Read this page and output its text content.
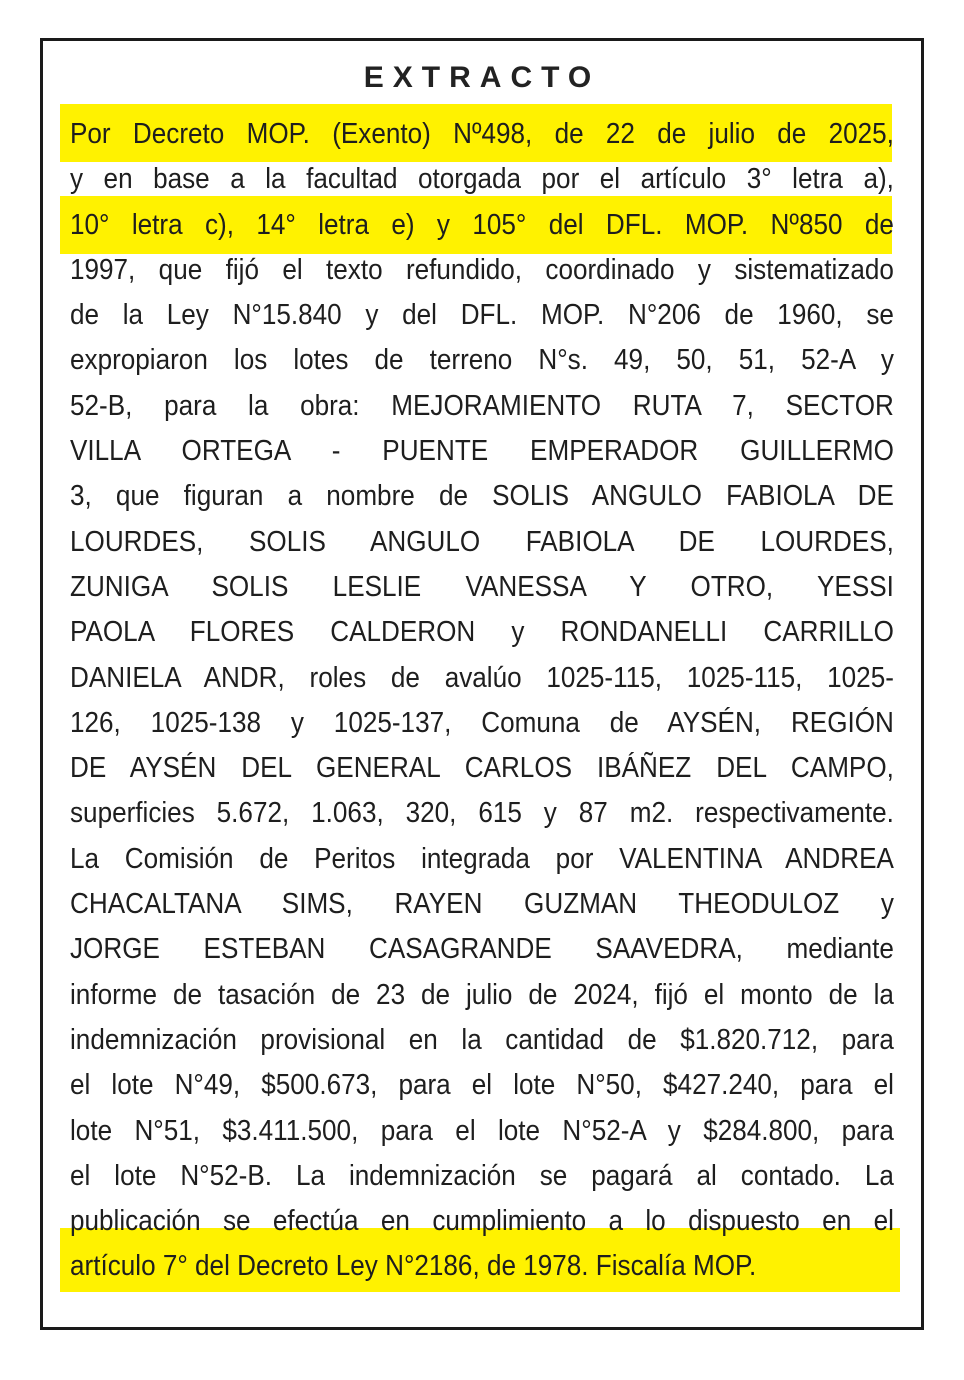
EXTRACTO
Por Decreto MOP. (Exento) Nº498, de 22 de julio de 2025,
y en base a la facultad otorgada por el artículo 3° letra a),
10° letra c), 14° letra e) y 105° del DFL. MOP. Nº850 de
1997, que fijó el texto refundido, coordinado y sistematizado
de la Ley N°15.840 y del DFL. MOP. N°206 de 1960, se
expropiaron los lotes de terreno N°s. 49, 50, 51, 52-A y
52-B, para la obra: MEJORAMIENTO RUTA 7, SECTOR
VILLA ORTEGA - PUENTE EMPERADOR GUILLERMO
3, que figuran a nombre de SOLIS ANGULO FABIOLA DE
LOURDES, SOLIS ANGULO FABIOLA DE LOURDES,
ZUNIGA SOLIS LESLIE VANESSA Y OTRO, YESSI
PAOLA FLORES CALDERON y RONDANELLI CARRILLO
DANIELA ANDR, roles de avalúo 1025-115, 1025-115, 1025-
126, 1025-138 y 1025-137, Comuna de AYSÉN, REGIÓN
DE AYSÉN DEL GENERAL CARLOS IBÁÑEZ DEL CAMPO,
superficies 5.672, 1.063, 320, 615 y 87 m2. respectivamente.
La Comisión de Peritos integrada por VALENTINA ANDREA
CHACALTANA SIMS, RAYEN GUZMAN THEODULOZ y
JORGE ESTEBAN CASAGRANDE SAAVEDRA, mediante
informe de tasación de 23 de julio de 2024, fijó el monto de la
indemnización provisional en la cantidad de $1.820.712, para
el lote N°49, $500.673, para el lote N°50, $427.240, para el
lote N°51, $3.411.500, para el lote N°52-A y $284.800, para
el lote N°52-B. La indemnización se pagará al contado. La
publicación se efectúa en cumplimiento a lo dispuesto en el
artículo 7° del Decreto Ley N°2186, de 1978. Fiscalía MOP.
